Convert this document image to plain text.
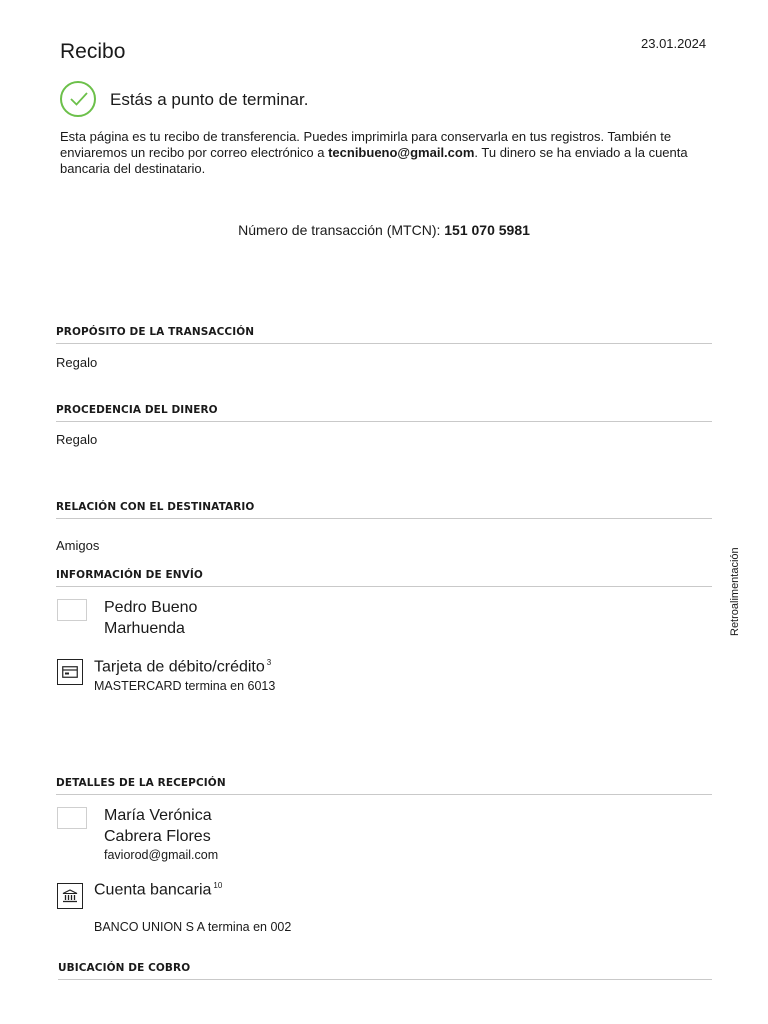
23.01.2024
Recibo
Estás a punto de terminar.
Esta página es tu recibo de transferencia. Puedes imprimirla para conservarla en tus registros. También te enviaremos un recibo por correo electrónico a tecnibueno@gmail.com. Tu dinero se ha enviado a la cuenta bancaria del destinatario.
Número de transacción (MTCN): 151 070 5981
PROPÓSITO DE LA TRANSACCIÓN
Regalo
PROCEDENCIA DEL DINERO
Regalo
RELACIÓN CON EL DESTINATARIO
Amigos
INFORMACIÓN DE ENVÍO
Pedro Bueno
Marhuenda
Tarjeta de débito/crédito $^3$
MASTERCARD termina en 6013
DETALLES DE LA RECEPCIÓN
María Verónica
Cabrera Flores
faviorod@gmail.com
Cuenta bancaria $^{10}$
BANCO UNION S A termina en 002
UBICACIÓN DE COBRO
Retroalimentación
